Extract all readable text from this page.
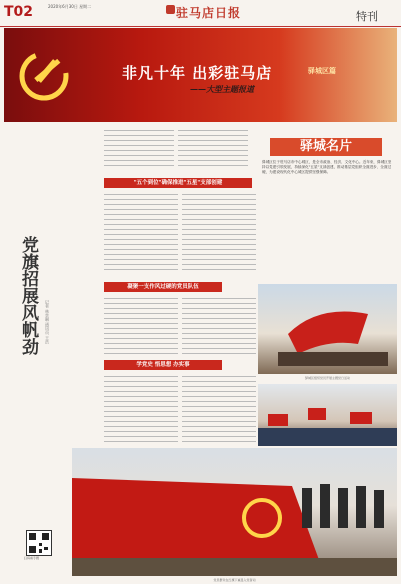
T02	2020年6月30日 星期二	驻马店日报	特刊
非凡十年 出彩驻马店	驿城区篇
——大型主题报道
党旗招展风帆劲 记者 林奕琳 通讯员 王浩
扫码看专题
"五个到位"确保推进"五星"支部创建
驿城名片
驿城区位于驻马店市中心城区，是全市政治、经济、文化中心。近年来，驿城区坚持以党建引领发展，持续深化"五星"支部创建，推动基层党组织全面进步、全面过硬，为建设现代化中心城区提供坚强保障。
凝聚一支作风过硬的党员队伍
驿城区组织党员开展主题党日活动
学党史 悟思想 办实事
党员群众在红旗下重温入党誓词
